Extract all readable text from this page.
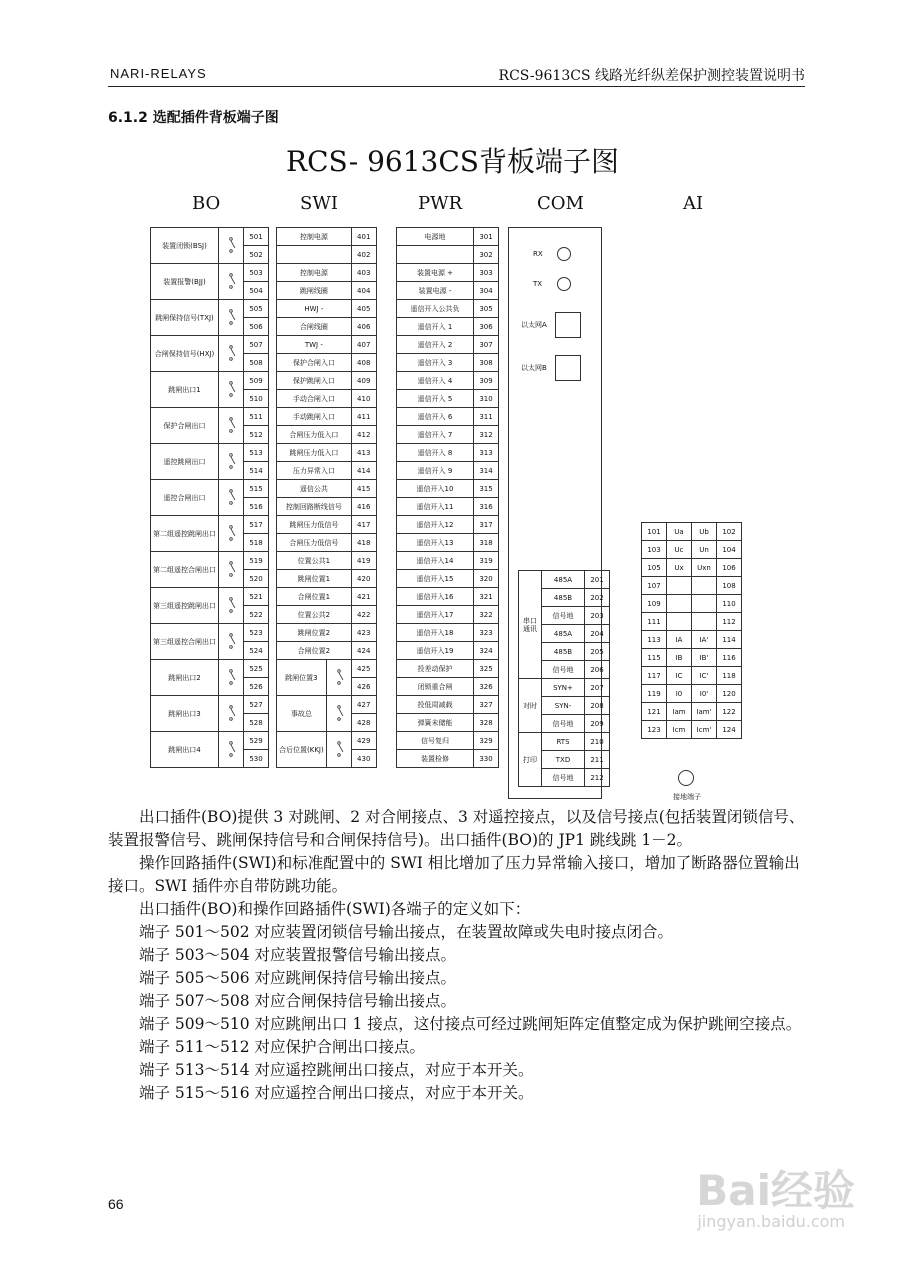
NARI-RELAYS	RCS-9613CS 线路光纤纵差保护测控装置说明书
6.1.2 选配插件背板端子图
RCS- 9613CS背板端子图
BO	SWI	PWR	COM	AI
装置闭锁(BSJ)		501
		502
装置报警(BJJ)		503
		504
跳闸保持信号(TXJ)		505
		506
合闸保持信号(HXJ)		507
		508
跳闸出口1		509
		510
保护合闸出口		511
		512
遥控跳闸出口		513
		514
遥控合闸出口		515
		516
第二组遥控跳闸出口		517
		518
第二组遥控合闸出口		519
		520
第三组遥控跳闸出口		521
		522
第三组遥控合闸出口		523
		524
跳闸出口2		525
		526
跳闸出口3		527
		528
跳闸出口4		529
		530
控制电源		401
		402
控制电源		403
跳闸线圈		404
HWJ -		405
合闸线圈		406
TWJ -		407
保护合闸入口		408
保护跳闸入口		409
手动合闸入口		410
手动跳闸入口		411
合闸压力低入口		412
跳闸压力低入口		413
压力异常入口		414
遥信公共		415
控制回路断线信号		416
跳闸压力低信号		417
合闸压力低信号		418
位置公共1		419
跳闸位置1		420
合闸位置1		421
位置公共2		422
跳闸位置2		423
合闸位置2		424
跳闸位置3		425
		426
事故总		427
		428
合后位置(KKJ)		429
		430
电源地	301
	302
装置电源 +	303
装置电源 -	304
遥信开入公共负	305
遥信开入 1	306
遥信开入 2	307
遥信开入 3	308
遥信开入 4	309
遥信开入 5	310
遥信开入 6	311
遥信开入 7	312
遥信开入 8	313
遥信开入 9	314
遥信开入10	315
遥信开入11	316
遥信开入12	317
遥信开入13	318
遥信开入14	319
遥信开入15	320
遥信开入16	321
遥信开入17	322
遥信开入18	323
遥信开入19	324
投差动保护	325
闭锁重合闸	326
投低周减载	327
弹簧未储能	328
信号复归	329
装置检修	330
RX
TX
以太网A
以太网B
串口通讯	485A	201
	485B	202
	信号地	203
	485A	204
	485B	205
	信号地	206
对时	SYN+	207
	SYN-	208
	信号地	209
打印	RTS	210
	TXD	211
	信号地	212
101	Ua	Ub	102
103	Uc	Un	104
105	Ux	Uxn	106
107			108
109			110
111			112
113	IA	IA'	114
115	IB	IB'	116
117	IC	IC'	118
119	I0	I0'	120
121	Iam	Iam'	122
123	Icm	Icm'	124
接地端子
出口插件(BO)提供 3 对跳闸、2 对合闸接点、3 对遥控接点，以及信号接点(包括装置闭锁信号、装置报警信号、跳闸保持信号和合闸保持信号)。出口插件(BO)的 JP1 跳线跳 1－2。
操作回路插件(SWI)和标准配置中的 SWI 相比增加了压力异常输入接口，增加了断路器位置输出接口。SWI 插件亦自带防跳功能。
出口插件(BO)和操作回路插件(SWI)各端子的定义如下：
端子 501～502 对应装置闭锁信号输出接点，在装置故障或失电时接点闭合。
端子 503～504 对应装置报警信号输出接点。
端子 505～506 对应跳闸保持信号输出接点。
端子 507～508 对应合闸保持信号输出接点。
端子 509～510 对应跳闸出口 1 接点，这付接点可经过跳闸矩阵定值整定成为保护跳闸空接点。
端子 511～512 对应保护合闸出口接点。
端子 513～514 对应遥控跳闸出口接点，对应于本开关。
端子 515～516 对应遥控合闸出口接点，对应于本开关。
66	Bai经验
jingyan.baidu.com
